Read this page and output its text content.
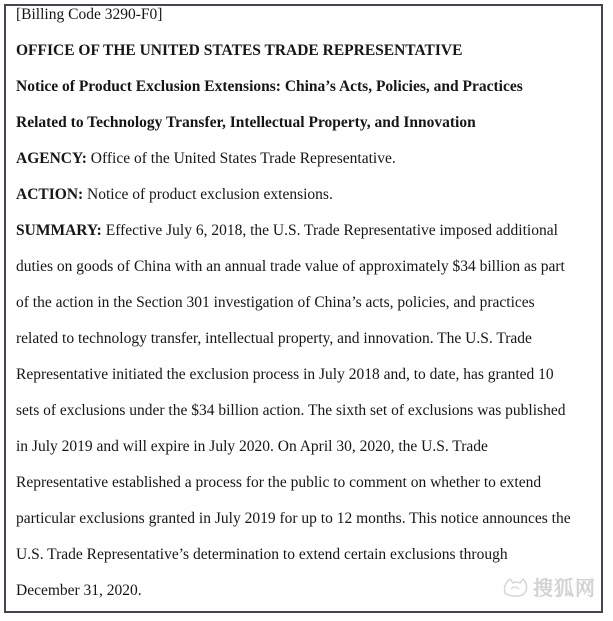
[Billing Code 3290-F0]
OFFICE OF THE UNITED STATES TRADE REPRESENTATIVE
Notice of Product Exclusion Extensions: China’s Acts, Policies, and Practices
Related to Technology Transfer, Intellectual Property, and Innovation
AGENCY: Office of the United States Trade Representative.
ACTION: Notice of product exclusion extensions.
SUMMARY: Effective July 6, 2018, the U.S. Trade Representative imposed additional
duties on goods of China with an annual trade value of approximately $34 billion as part
of the action in the Section 301 investigation of China’s acts, policies, and practices
related to technology transfer, intellectual property, and innovation. The U.S. Trade
Representative initiated the exclusion process in July 2018 and, to date, has granted 10
sets of exclusions under the $34 billion action. The sixth set of exclusions was published
in July 2019 and will expire in July 2020. On April 30, 2020, the U.S. Trade
Representative established a process for the public to comment on whether to extend
particular exclusions granted in July 2019 for up to 12 months. This notice announces the
U.S. Trade Representative’s determination to extend certain exclusions through
December 31, 2020.	搜狐网
